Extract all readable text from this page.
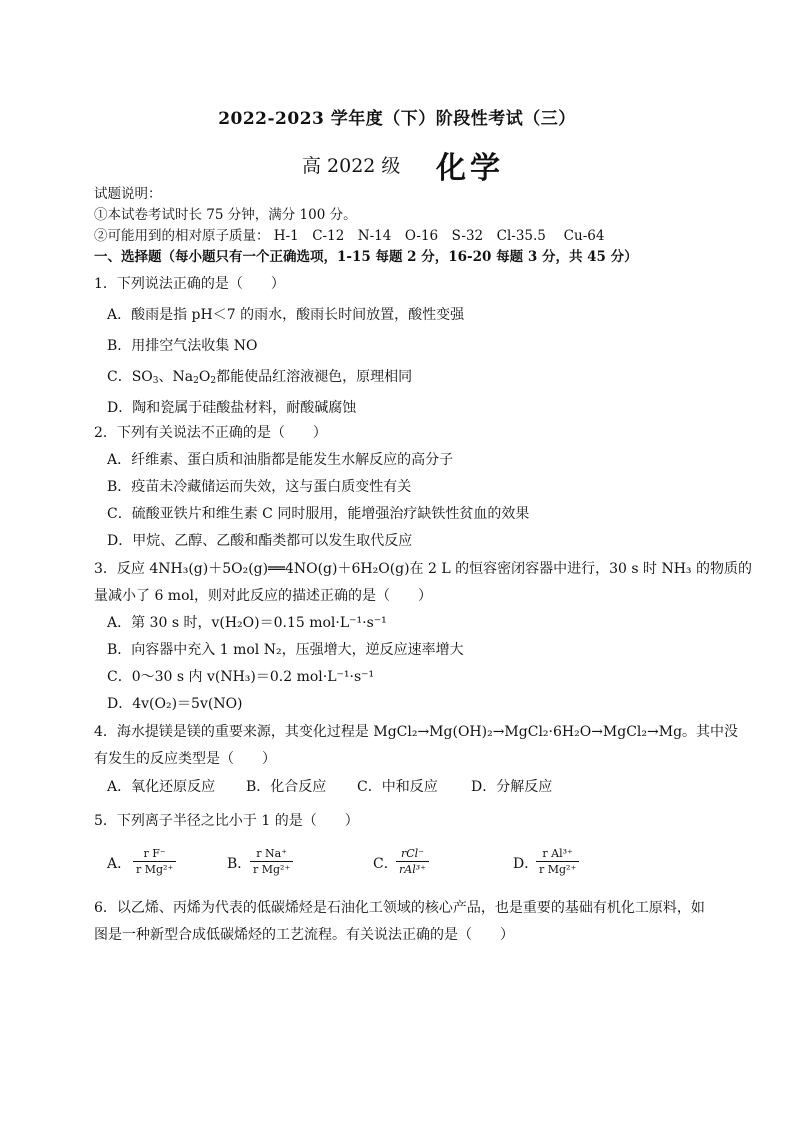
2022-2023 学年度（下）阶段性考试（三）
高 2022 级 化学
试题说明：
①本试卷考试时长 75 分钟，满分 100 分。
②可能用到的相对原子质量： H-1　C-12　N-14　O-16　S-32　Cl-35.5　 Cu-64
一、选择题（每小题只有一个正确选项，1-15 每题 2 分，16-20 每题 3 分，共 45 分）
1．下列说法正确的是（　　）
A．酸雨是指 pH＜7 的雨水，酸雨长时间放置，酸性变强
B．用排空气法收集 NO
C．$SO_3$、$Na_2O_2$都能使品红溶液褪色，原理相同
D．陶和瓷属于硅酸盐材料，耐酸碱腐蚀
2．下列有关说法不正确的是（　　）
A．纤维素、蛋白质和油脂都是能发生水解反应的高分子
B．疫苗未冷藏储运而失效，这与蛋白质变性有关
C．硫酸亚铁片和维生素 C 同时服用，能增强治疗缺铁性贫血的效果
D．甲烷、乙醇、乙酸和酯类都可以发生取代反应
3．反应 4NH₃(g)＋5O₂(g)══4NO(g)＋6H₂O(g)在 2 L 的恒容密闭容器中进行，30 s 时 NH₃ 的物质的
量减小了 6 mol，则对此反应的描述正确的是（　　）
A．第 30 s 时，v(H₂O)＝0.15 mol·L⁻¹·s⁻¹
B．向容器中充入 1 mol N₂，压强增大，逆反应速率增大
C．0～30 s 内 v(NH₃)＝0.2 mol·L⁻¹·s⁻¹
D．4v(O₂)＝5v(NO)
4．海水提镁是镁的重要来源，其变化过程是 MgCl₂→Mg(OH)₂→MgCl₂·6H₂O→MgCl₂→Mg。其中没
有发生的反应类型是（　　）
A．氧化还原反应 B．化合反应 C．中和反应 D．分解反应
5．下列离子半径之比小于 1 的是（　　）
A． $\frac{\text{r F⁻}}{\text{r Mg²⁺}}$	B．
$\frac{\text{r Na⁺}}{\text{r Mg²⁺}}$	C．
rCl⁻
rAl³⁺	D．
$\frac{\text{r Al³⁺}}{\text{r Mg²⁺}}$
6．以乙烯、丙烯为代表的低碳烯烃是石油化工领域的核心产品，也是重要的基础有机化工原料，如
图是一种新型合成低碳烯烃的工艺流程。有关说法正确的是（　　）
